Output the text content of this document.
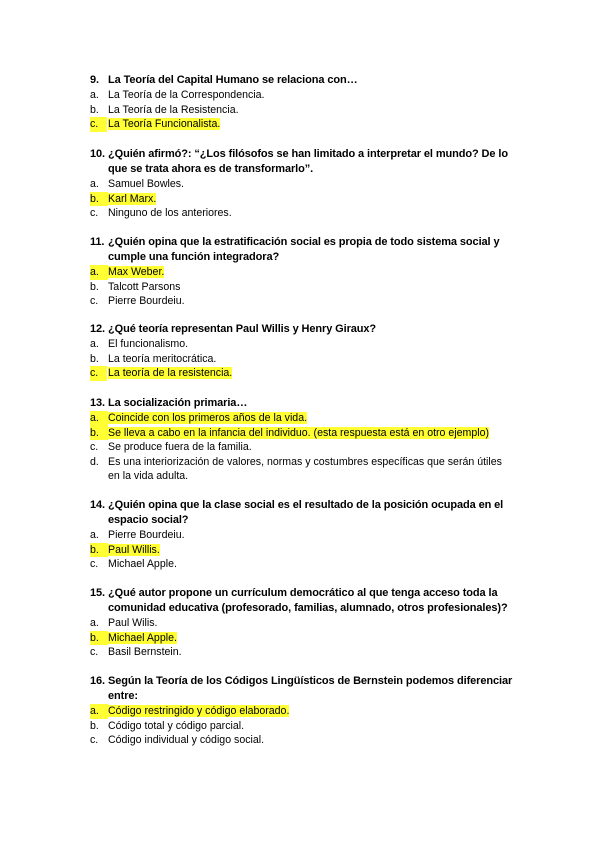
9. La Teoría del Capital Humano se relaciona con…
a. La Teoría de la Correspondencia.
b. La Teoría de la Resistencia.
c. La Teoría Funcionalista.
10. ¿Quién afirmó?: “¿Los filósofos se han limitado a interpretar el mundo? De lo
que se trata ahora es de transformarlo”.
a. Samuel Bowles.
b. Karl Marx.
c. Ninguno de los anteriores.
11. ¿Quién opina que la estratificación social es propia de todo sistema social y
cumple una función integradora?
a. Max Weber.
b. Talcott Parsons
c. Pierre Bourdeiu.
12. ¿Qué teoría representan Paul Willis y Henry Giraux?
a. El funcionalismo.
b. La teoría meritocrática.
c. La teoría de la resistencia.
13. La socialización primaria…
a. Coincide con los primeros años de la vida.
b. Se lleva a cabo en la infancia del individuo. (esta respuesta está en otro ejemplo)
c. Se produce fuera de la familia.
d. Es una interiorización de valores, normas y costumbres específicas que serán útiles
en la vida adulta.
14. ¿Quién opina que la clase social es el resultado de la posición ocupada en el
espacio social?
a. Pierre Bourdeiu.
b. Paul Willis.
c. Michael Apple.
15. ¿Qué autor propone un currículum democrático al que tenga acceso toda la
comunidad educativa (profesorado, familias, alumnado, otros profesionales)?
a. Paul Wilis.
b. Michael Apple.
c. Basil Bernstein.
16. Según la Teoría de los Códigos Lingüísticos de Bernstein podemos diferenciar
entre:
a. Código restringido y código elaborado.
b. Código total y código parcial.
c. Código individual y código social.
